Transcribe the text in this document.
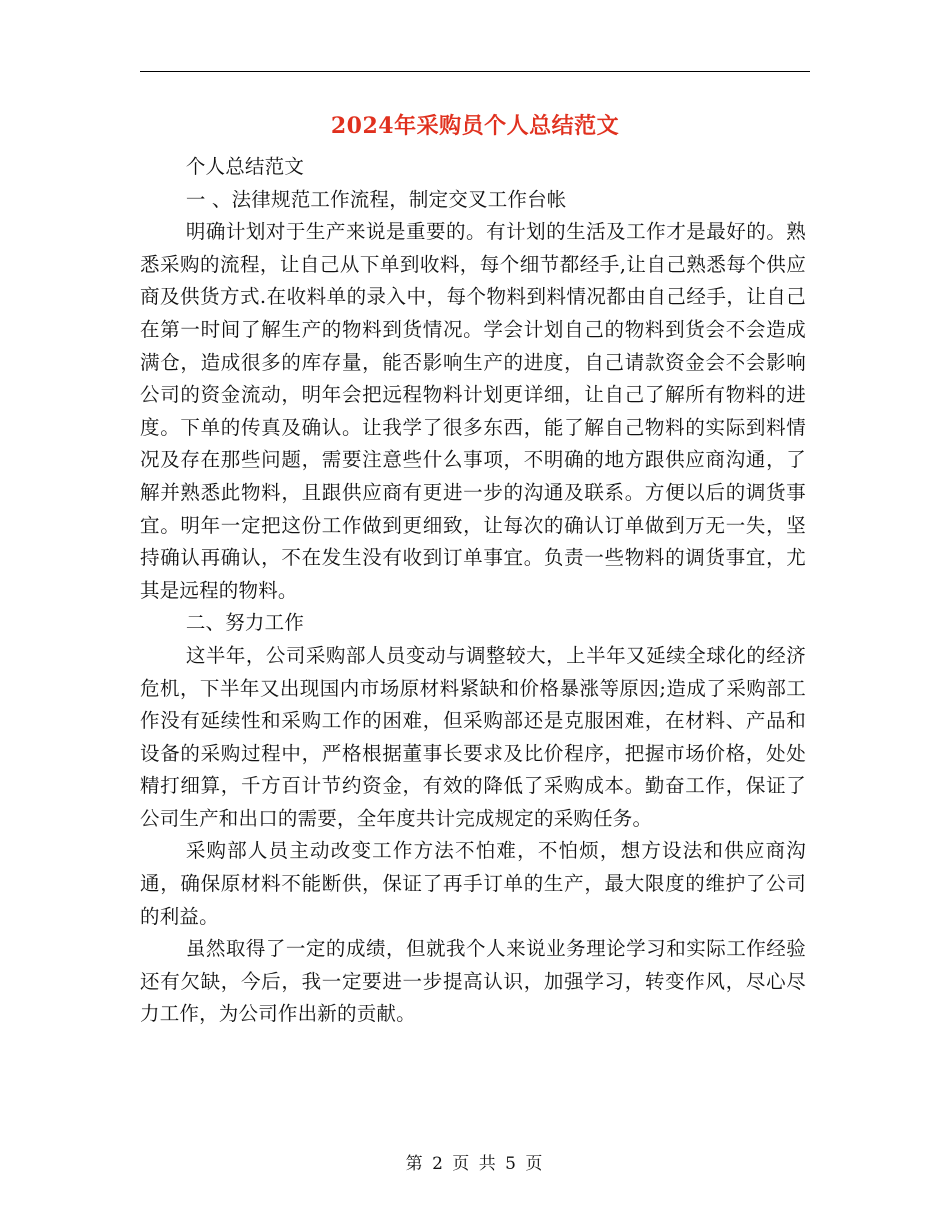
2024年采购员个人总结范文

个人总结范文

一 、法律规范工作流程，制定交叉工作台帐

明确计划对于生产来说是重要的。有计划的生活及工作才是最好的。熟悉采购的流程，让自己从下单到收料，每个细节都经手,让自己熟悉每个供应商及供货方式.在收料单的录入中，每个物料到料情况都由自己经手，让自己在第一时间了解生产的物料到货情况。学会计划自己的物料到货会不会造成满仓，造成很多的库存量，能否影响生产的进度，自己请款资金会不会影响公司的资金流动，明年会把远程物料计划更详细，让自己了解所有物料的进度。下单的传真及确认。让我学了很多东西，能了解自己物料的实际到料情况及存在那些问题，需要注意些什么事项，不明确的地方跟供应商沟通，了解并熟悉此物料，且跟供应商有更进一步的沟通及联系。方便以后的调货事宜。明年一定把这份工作做到更细致，让每次的确认订单做到万无一失，坚持确认再确认，不在发生没有收到订单事宜。负责一些物料的调货事宜，尤其是远程的物料。

二、努力工作

这半年，公司采购部人员变动与调整较大，上半年又延续全球化的经济危机，下半年又出现国内市场原材料紧缺和价格暴涨等原因;造成了采购部工作没有延续性和采购工作的困难，但采购部还是克服困难，在材料、产品和设备的采购过程中，严格根据董事长要求及比价程序，把握市场价格，处处精打细算，千方百计节约资金，有效的降低了采购成本。勤奋工作，保证了公司生产和出口的需要，全年度共计完成规定的采购任务。

采购部人员主动改变工作方法不怕难，不怕烦，想方设法和供应商沟通，确保原材料不能断供，保证了再手订单的生产，最大限度的维护了公司的利益。

虽然取得了一定的成绩，但就我个人来说业务理论学习和实际工作经验还有欠缺，今后，我一定要进一步提高认识，加强学习，转变作风，尽心尽力工作，为公司作出新的贡献。

第 2 页 共 5 页
